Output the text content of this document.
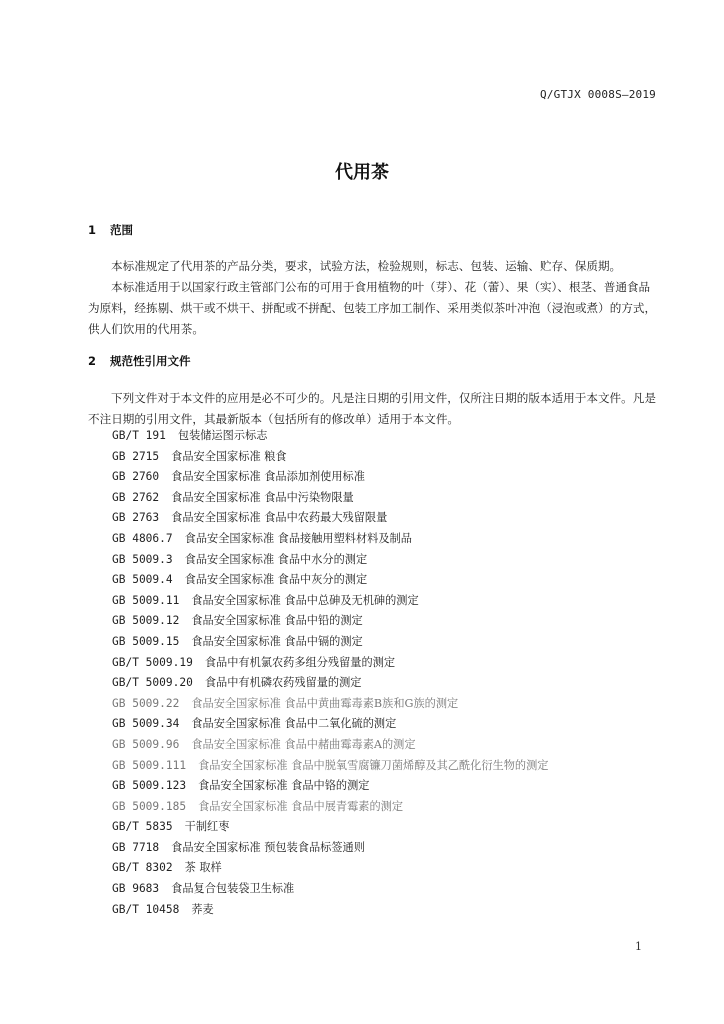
Q/GTJX 0008S—2019
代用茶
1 范围
本标准规定了代用茶的产品分类，要求，试验方法，检验规则，标志、包装、运输、贮存、保质期。
本标准适用于以国家行政主管部门公布的可用于食用植物的叶（芽）、花（蕾）、果（实）、根茎、普通食品为原料，经拣剔、烘干或不烘干、拼配或不拼配、包装工序加工制作、采用类似茶叶冲泡（浸泡或煮）的方式，供人们饮用的代用茶。
2 规范性引用文件
下列文件对于本文件的应用是必不可少的。凡是注日期的引用文件，仅所注日期的版本适用于本文件。凡是不注日期的引用文件，其最新版本（包括所有的修改单）适用于本文件。
GB/T 191 包装储运图示标志
GB 2715 食品安全国家标准 粮食
GB 2760 食品安全国家标准 食品添加剂使用标准
GB 2762 食品安全国家标准 食品中污染物限量
GB 2763 食品安全国家标准 食品中农药最大残留限量
GB 4806.7 食品安全国家标准 食品接触用塑料材料及制品
GB 5009.3 食品安全国家标准 食品中水分的测定
GB 5009.4 食品安全国家标准 食品中灰分的测定
GB 5009.11 食品安全国家标准 食品中总砷及无机砷的测定
GB 5009.12 食品安全国家标准 食品中铅的测定
GB 5009.15 食品安全国家标准 食品中镉的测定
GB/T 5009.19 食品中有机氯农药多组分残留量的测定
GB/T 5009.20 食品中有机磷农药残留量的测定
GB 5009.22 食品安全国家标准 食品中黄曲霉毒素B族和G族的测定
GB 5009.34 食品安全国家标准 食品中二氧化硫的测定
GB 5009.96 食品安全国家标准 食品中赭曲霉毒素A的测定
GB 5009.111 食品安全国家标准 食品中脱氧雪腐镰刀菌烯醇及其乙酰化衍生物的测定
GB 5009.123 食品安全国家标准 食品中铬的测定
GB 5009.185 食品安全国家标准 食品中展青霉素的测定
GB/T 5835 干制红枣
GB 7718 食品安全国家标准 预包装食品标签通则
GB/T 8302 茶 取样
GB 9683 食品复合包装袋卫生标准
GB/T 10458 荞麦
1
